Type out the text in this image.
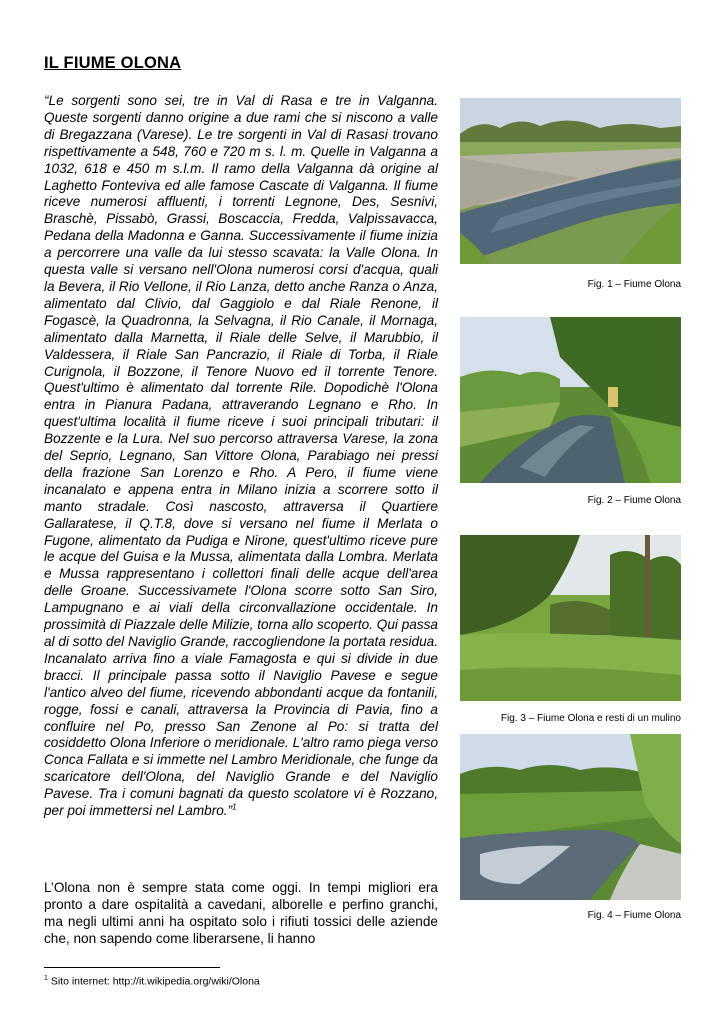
IL FIUME OLONA

“Le sorgenti sono sei, tre in Val di Rasa e tre in Valganna. Queste sorgenti danno origine a due rami che si niscono a valle di Bregazzana (Varese). Le tre sorgenti in Val di Rasasi trovano rispettivamente a 548, 760 e 720 m s. l. m. Quelle in Valganna a 1032, 618 e 450 m s.l.m. Il ramo della Valganna dà origine al Laghetto Fonteviva ed alle famose Cascate di Valganna. Il fiume riceve numerosi affluenti, i torrenti Legnone, Des, Sesnivi, Braschè, Pissabò, Grassi, Boscaccia, Fredda, Valpissavacca, Pedana della Madonna e Ganna. Successivamente il fiume inizia a percorrere una valle da lui stesso scavata: la Valle Olona. In questa valle si versano nell'Olona numerosi corsi d'acqua, quali la Bevera, il Rio Vellone, il Rio Lanza, detto anche Ranza o Anza, alimentato dal Clivio, dal Gaggiolo e dal Riale Renone, il Fogascè, la Quadronna, la Selvagna, il Rio Canale, il Mornaga, alimentato dalla Marnetta, il Riale delle Selve, il Marubbio, il Valdessera, il Riale San Pancrazio, il Riale di Torba, il Riale Curignola, il Bozzone, il Tenore Nuovo ed il torrente Tenore. Quest'ultimo è alimentato dal torrente Rile. Dopodichè l'Olona entra in Pianura Padana, attraverando Legnano e Rho. In quest'ultima località il fiume riceve i suoi principali tributari: il Bozzente e la Lura. Nel suo percorso attraversa Varese, la zona del Seprio, Legnano, San Vittore Olona, Parabiago nei pressi della frazione San Lorenzo e Rho. A Pero, il fiume viene incanalato e appena entra in Milano inizia a scorrere sotto il manto stradale. Così nascosto, attraversa il Quartiere Gallaratese, il Q.T.8, dove si versano nel fiume il Merlata o Fugone, alimentato da Pudiga e Nirone, quest'ultimo riceve pure le acque del Guisa e la Mussa, alimentata dalla Lombra. Merlata e Mussa rappresentano i collettori finali delle acque dell'area delle Groane. Successivamete l'Olona scorre sotto San Siro, Lampugnano e ai viali della circonvallazione occidentale. In prossimità di Piazzale delle Milizie, torna allo scoperto. Qui passa al di sotto del Naviglio Grande, raccogliendone la portata residua. Incanalato arriva fino a viale Famagosta e qui si divide in due bracci. Il principale passa sotto il Naviglio Pavese e segue l'antico alveo del fiume, ricevendo abbondanti acque da fontanili, rogge, fossi e canali, attraversa la Provincia di Pavia, fino a confluire nel Po, presso San Zenone al Po: si tratta del cosiddetto Olona Inferiore o meridionale. L'altro ramo piega verso Conca Fallata e si immette nel Lambro Meridionale, che funge da scaricatore dell'Olona, del Naviglio Grande e del Naviglio Pavese. Tra i comuni bagnati da questo scolatore vi è Rozzano, per poi immettersi nel Lambro.”$^1$

L’Olona non è sempre stata come oggi. In tempi migliori era pronto a dare ospitalità a cavedani, alborelle e perfino granchi, ma negli ultimi anni ha ospitato solo i rifiuti tossici delle aziende che, non sapendo come liberarsene, li hanno

$^1$ Sito internet: http://it.wikipedia.org/wiki/Olona

Fig. 1 – Fiume Olona

Fig. 2 – Fiume Olona

Fig. 3 – Fiume Olona e resti di un mulino

Fig. 4 – Fiume Olona
